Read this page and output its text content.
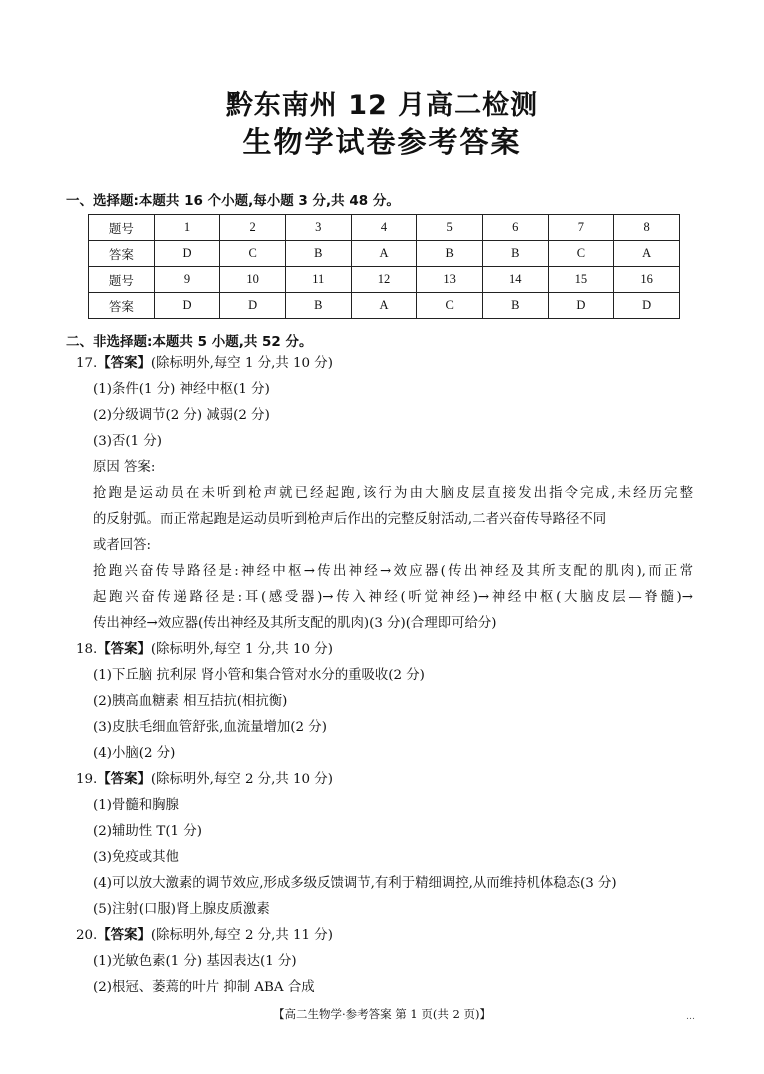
黔东南州 12 月高二检测
生物学试卷参考答案
一、选择题:本题共 16 个小题,每小题 3 分,共 48 分。
题号	1	2	3	4	5	6	7	8
答案	D	C	B	A	B	B	C	A
题号	9	10	11	12	13	14	15	16
答案	D	D	B	A	C	B	D	D
二、非选择题:本题共 5 小题,共 52 分。
17.【答案】(除标明外,每空 1 分,共 10 分)
(1)条件(1 分) 神经中枢(1 分)
(2)分级调节(2 分) 减弱(2 分)
(3)否(1 分)
原因 答案:
抢跑是运动员在未听到枪声就已经起跑,该行为由大脑皮层直接发出指令完成,未经历完整
的反射弧。而正常起跑是运动员听到枪声后作出的完整反射活动,二者兴奋传导路径不同
或者回答:
抢跑兴奋传导路径是:神经中枢→传出神经→效应器(传出神经及其所支配的肌肉),而正常
起跑兴奋传递路径是:耳(感受器)→传入神经(听觉神经)→神经中枢(大脑皮层—脊髓)→
传出神经→效应器(传出神经及其所支配的肌肉)(3 分)(合理即可给分)
18.【答案】(除标明外,每空 1 分,共 10 分)
(1)下丘脑 抗利尿 肾小管和集合管对水分的重吸收(2 分)
(2)胰高血糖素 相互拮抗(相抗衡)
(3)皮肤毛细血管舒张,血流量增加(2 分)
(4)小脑(2 分)
19.【答案】(除标明外,每空 2 分,共 10 分)
(1)骨髓和胸腺
(2)辅助性 T(1 分)
(3)免疫或其他
(4)可以放大激素的调节效应,形成多级反馈调节,有利于精细调控,从而维持机体稳态(3 分)
(5)注射(口服)肾上腺皮质激素
20.【答案】(除标明外,每空 2 分,共 11 分)
(1)光敏色素(1 分) 基因表达(1 分)
(2)根冠、萎蔫的叶片 抑制 ABA 合成
【高二生物学·参考答案 第 1 页(共 2 页)】	…
